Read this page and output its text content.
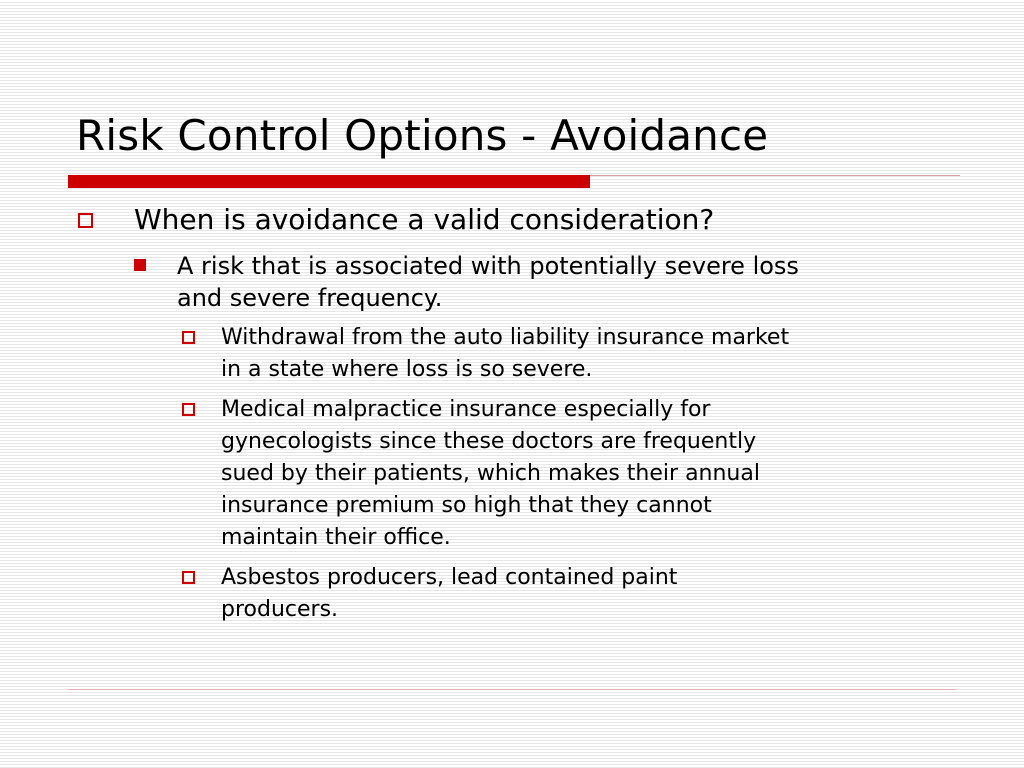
Risk Control Options - Avoidance
When is avoidance a valid consideration?
A risk that is associated with potentially severe loss
and severe frequency.
Withdrawal from the auto liability insurance market
in a state where loss is so severe.
Medical malpractice insurance especially for
gynecologists since these doctors are frequently
sued by their patients, which makes their annual
insurance premium so high that they cannot
maintain their office.
Asbestos producers, lead contained paint
producers.
